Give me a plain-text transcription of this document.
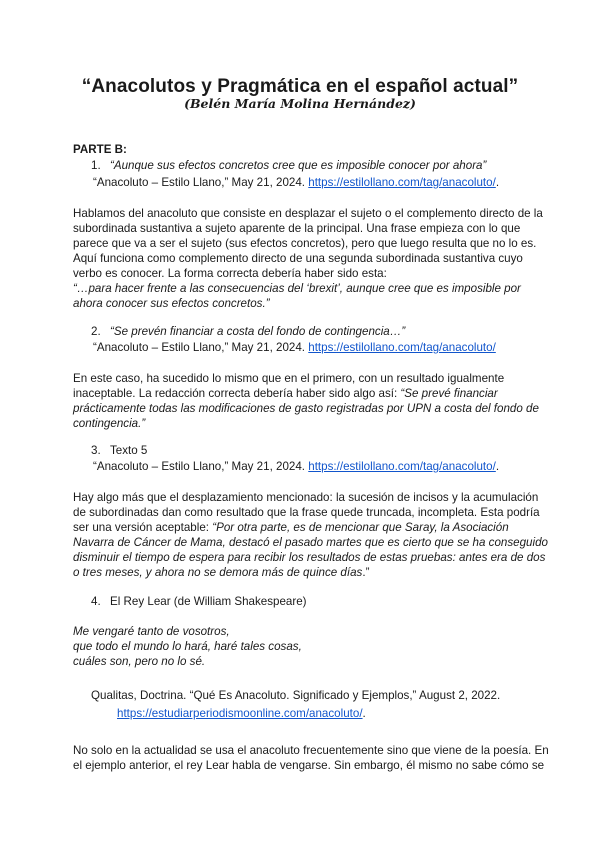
“Anacolutos y Pragmática en el español actual”
(Belén María Molina Hernández)
PARTE B:
1. “Aunque sus efectos concretos cree que es imposible conocer por ahora”
“Anacoluto – Estilo Llano,” May 21, 2024. https://estilollano.com/tag/anacoluto/.
Hablamos del anacoluto que consiste en desplazar el sujeto o el complemento directo de la
subordinada sustantiva a sujeto aparente de la principal. Una frase empieza con lo que
parece que va a ser el sujeto (sus efectos concretos), pero que luego resulta que no lo es.
Aquí funciona como complemento directo de una segunda subordinada sustantiva cuyo
verbo es conocer. La forma correcta debería haber sido esta:
“…para hacer frente a las consecuencias del ‘brexit’, aunque cree que es imposible por
ahora conocer sus efectos concretos.”
2. “Se prevén financiar a costa del fondo de contingencia…”
“Anacoluto – Estilo Llano,” May 21, 2024. https://estilollano.com/tag/anacoluto/
En este caso, ha sucedido lo mismo que en el primero, con un resultado igualmente
inaceptable. La redacción correcta debería haber sido algo así: “Se prevé financiar
prácticamente todas las modificaciones de gasto registradas por UPN a costa del fondo de
contingencia.”
3. Texto 5
“Anacoluto – Estilo Llano,” May 21, 2024. https://estilollano.com/tag/anacoluto/.
Hay algo más que el desplazamiento mencionado: la sucesión de incisos y la acumulación
de subordinadas dan como resultado que la frase quede truncada, incompleta. Esta podría
ser una versión aceptable: “Por otra parte, es de mencionar que Saray, la Asociación
Navarra de Cáncer de Mama, destacó el pasado martes que es cierto que se ha conseguido
disminuir el tiempo de espera para recibir los resultados de estas pruebas: antes era de dos
o tres meses, y ahora no se demora más de quince días.”
4. El Rey Lear (de William Shakespeare)
Me vengaré tanto de vosotros,
que todo el mundo lo hará, haré tales cosas,
cuáles son, pero no lo sé.
Qualitas, Doctrina. “Qué Es Anacoluto. Significado y Ejemplos,” August 2, 2022.
https://estudiarperiodismoonline.com/anacoluto/.
No solo en la actualidad se usa el anacoluto frecuentemente sino que viene de la poesía. En
el ejemplo anterior, el rey Lear habla de vengarse. Sin embargo, él mismo no sabe cómo se
